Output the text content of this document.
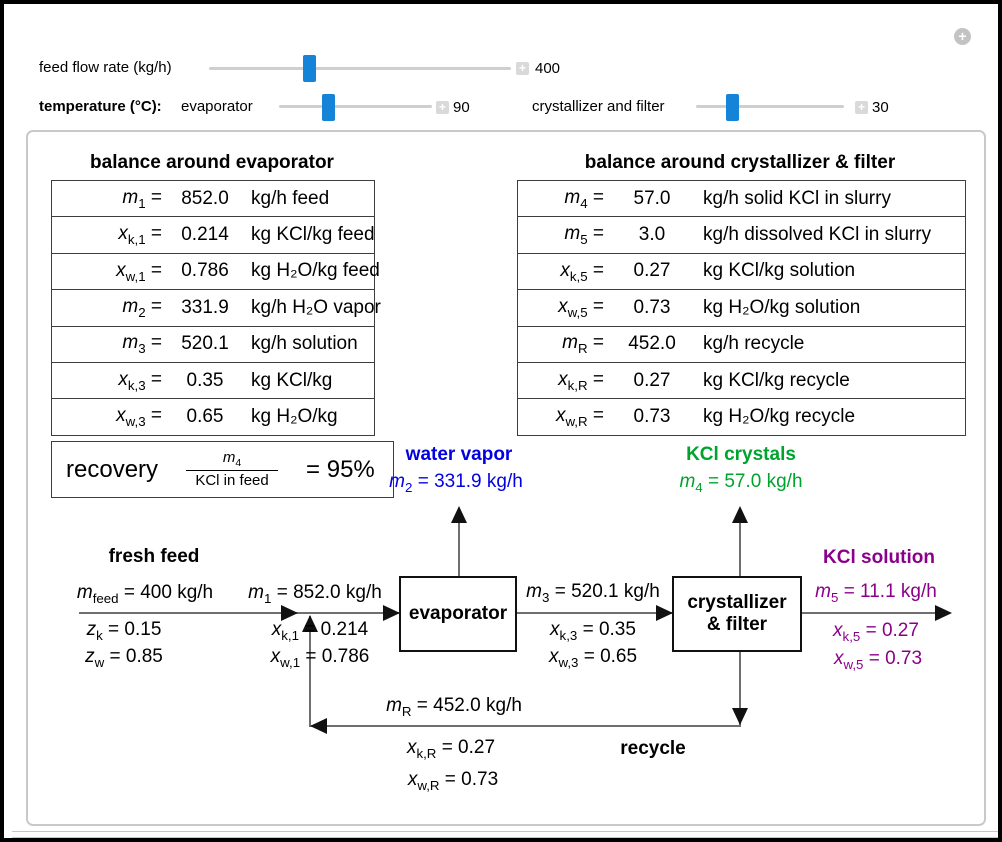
+
feed flow rate (kg/h)	+ 400
temperature (°C): evaporator	+ 90	crystallizer and filter	+ 30
balance around evaporator
$m_1$ =	852.0	kg/h feed
$x_{k,1}$ =	0.214	kg KCl/kg feed
$x_{w,1}$ =	0.786	kg H₂O/kg feed
$m_2$ =	331.9	kg/h H₂O vapor
$m_3$ =	520.1	kg/h solution
$x_{k,3}$ =	0.35	kg KCl/kg
$x_{w,3}$ =	0.65	kg H₂O/kg
balance around crystallizer & filter
$m_4$ =	57.0	kg/h solid KCl in slurry
$m_5$ =	3.0	kg/h dissolved KCl in slurry
$x_{k,5}$ =	0.27	kg KCl/kg solution
$x_{w,5}$ =	0.73	kg H₂O/kg solution
$m_R$ =	452.0	kg/h recycle
$x_{k,R}$ =	0.27	kg KCl/kg recycle
$x_{w,R}$ =	0.73	kg H₂O/kg recycle
recovery $\frac{m_4}{\text{KCl in feed}} = 95\%$
evaporator
crystallizer
& filter
fresh feed
$m_{feed} = 400$ kg/h
$z_k = 0.15$
$z_w = 0.85$
$m_1 = 852.0$ kg/h
$x_{k,1} = 0.214$
$x_{w,1} = 0.786$
water vapor
$m_2 = 331.9$ kg/h
KCl crystals
$m_4 = 57.0$ kg/h
$m_3 = 520.1$ kg/h
$x_{k,3} = 0.35$
$x_{w,3} = 0.65$
KCl solution
$m_5 = 11.1$ kg/h
$x_{k,5} = 0.27$
$x_{w,5} = 0.73$
$m_R = 452.0$ kg/h
$x_{k,R} = 0.27$
$x_{w,R} = 0.73$
recycle
